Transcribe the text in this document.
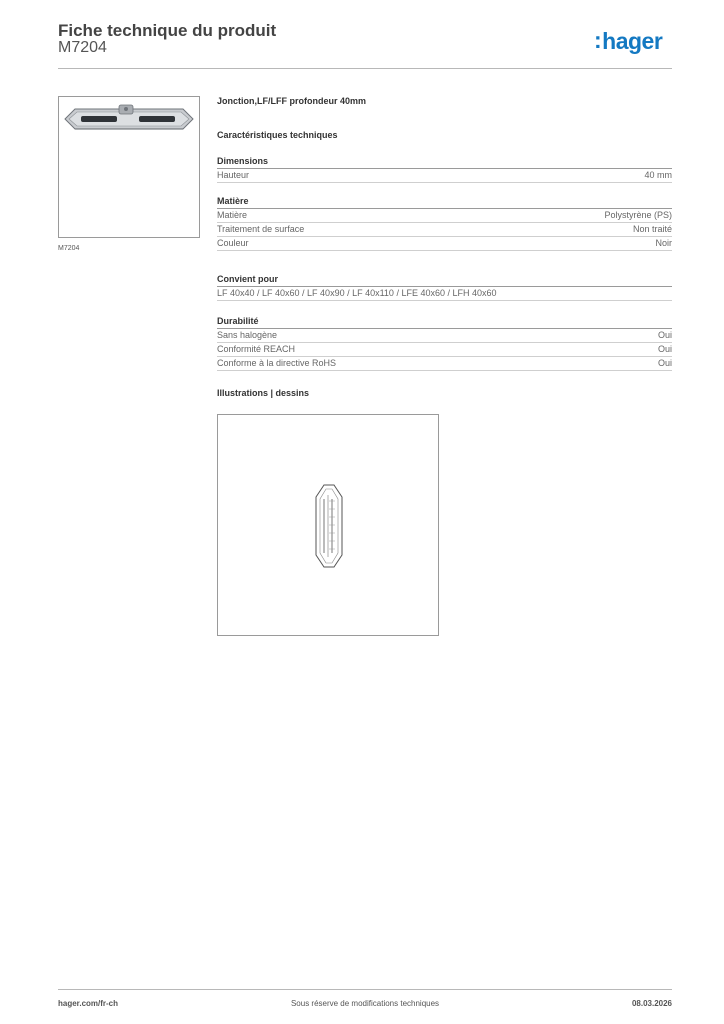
Fiche technique du produit
M7204	:hager
M7204
Jonction,LF/LFF profondeur 40mm
Caractéristiques techniques
Dimensions
Hauteur	40 mm
Matière
Matière	Polystyrène (PS)
Traitement de surface	Non traité
Couleur	Noir
Convient pour
LF 40x40 / LF 40x60 / LF 40x90 / LF 40x110 / LFE 40x60 / LFH 40x60
Durabilité
Sans halogène	Oui
Conformité REACH	Oui
Conforme à la directive RoHS	Oui
Illustrations | dessins
hager.com/fr-ch	Sous réserve de modifications techniques	08.03.2026
